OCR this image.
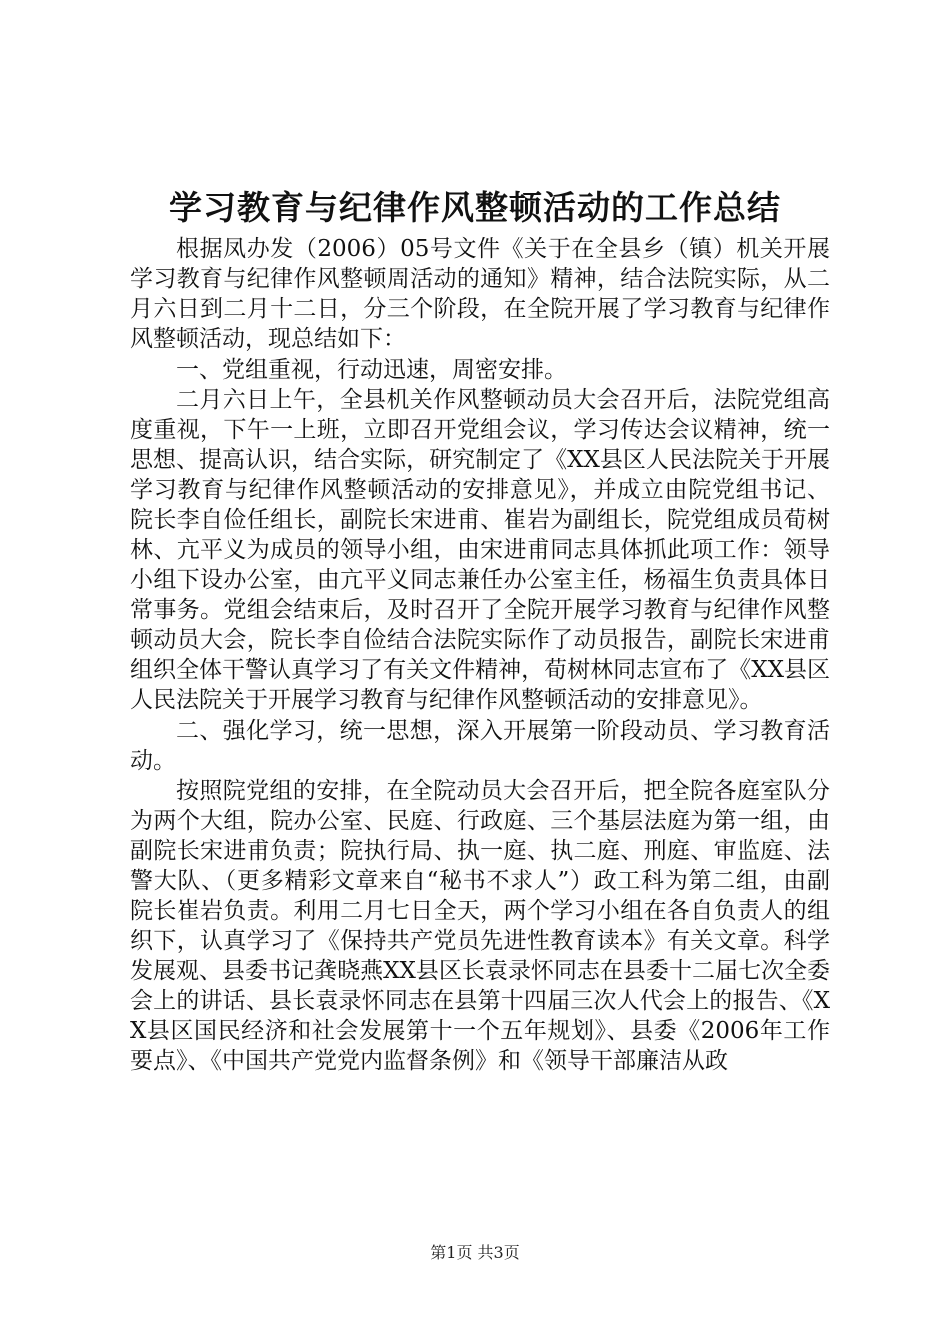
学习教育与纪律作风整顿活动的工作总结

根据凤办发（2006）05号文件《关于在全县乡（镇）机关开展学习教育与纪律作风整顿周活动的通知》精神，结合法院实际，从二月六日到二月十二日，分三个阶段，在全院开展了学习教育与纪律作风整顿活动，现总结如下：

一、党组重视，行动迅速，周密安排。

二月六日上午，全县机关作风整顿动员大会召开后，法院党组高度重视，下午一上班，立即召开党组会议，学习传达会议精神，统一思想、提高认识，结合实际，研究制定了《XX县区人民法院关于开展学习教育与纪律作风整顿活动的安排意见》，并成立由院党组书记、院长李自俭任组长，副院长宋进甫、崔岩为副组长，院党组成员荀树林、亢平义为成员的领导小组，由宋进甫同志具体抓此项工作：领导小组下设办公室，由亢平义同志兼任办公室主任，杨福生负责具体日常事务。党组会结束后，及时召开了全院开展学习教育与纪律作风整顿动员大会，院长李自俭结合法院实际作了动员报告，副院长宋进甫组织全体干警认真学习了有关文件精神，荀树林同志宣布了《XX县区人民法院关于开展学习教育与纪律作风整顿活动的安排意见》。

二、强化学习，统一思想，深入开展第一阶段动员、学习教育活动。

按照院党组的安排，在全院动员大会召开后，把全院各庭室队分为两个大组，院办公室、民庭、行政庭、三个基层法庭为第一组，由副院长宋进甫负责；院执行局、执一庭、执二庭、刑庭、审监庭、法警大队、（更多精彩文章来自“秘书不求人”）政工科为第二组，由副院长崔岩负责。利用二月七日全天，两个学习小组在各自负责人的组织下，认真学习了《保持共产党员先进性教育读本》有关文章。科学发展观、县委书记龚晓燕XX县区长袁录怀同志在县委十二届七次全委会上的讲话、县长袁录怀同志在县第十四届三次人代会上的报告、《XX县区国民经济和社会发展第十一个五年规划》、县委《2006年工作要点》、《中国共产党党内监督条例》和《领导干部廉洁从政

第1页 共3页
